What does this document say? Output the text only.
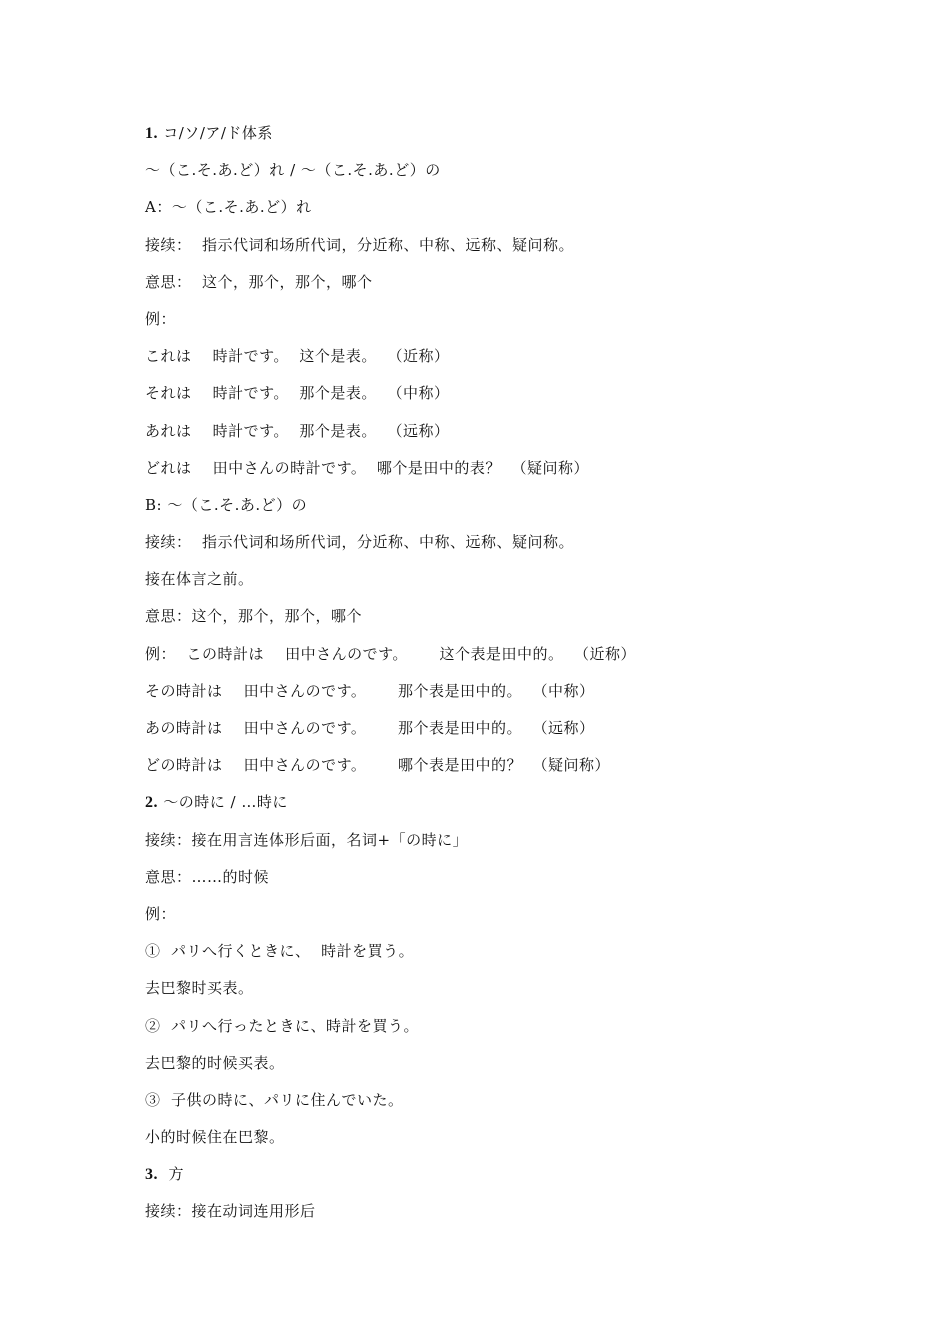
1. コ/ソ/ア/ド体系
〜（こ.そ.あ.ど）れ / 〜（こ.そ.あ.ど）の
A：〜（こ.そ.あ.ど）れ
接续：  指示代词和场所代词，分近称、中称、远称、疑问称。
意思：  这个，那个，那个，哪个
例：
これは    時計です。  这个是表。  （近称）
それは    時計です。  那个是表。  （中称）
あれは    時計です。  那个是表。  （远称）
どれは    田中さんの時計です。  哪个是田中的表？  （疑问称）
B: 〜（こ.そ.あ.ど）の
接续：  指示代词和场所代词，分近称、中称、远称、疑问称。
接在体言之前。
意思：这个，那个，那个，哪个
例：  この時計は    田中さんのです。      这个表是田中的。  （近称）
その時計は    田中さんのです。      那个表是田中的。  （中称）
あの時計は    田中さんのです。      那个表是田中的。  （远称）
どの時計は    田中さんのです。      哪个表是田中的？  （疑问称）
2. 〜の時に / …時に
接续：接在用言连体形后面，名词+「の時に」
意思：……的时候
例：
①  パリへ行くときに、  時計を買う。
去巴黎时买表。
②  パリへ行ったときに、時計を買う。
去巴黎的时候买表。
③  子供の時に、パリに住んでいた。
小的时候住在巴黎。
3.  方
接续：接在动词连用形后
